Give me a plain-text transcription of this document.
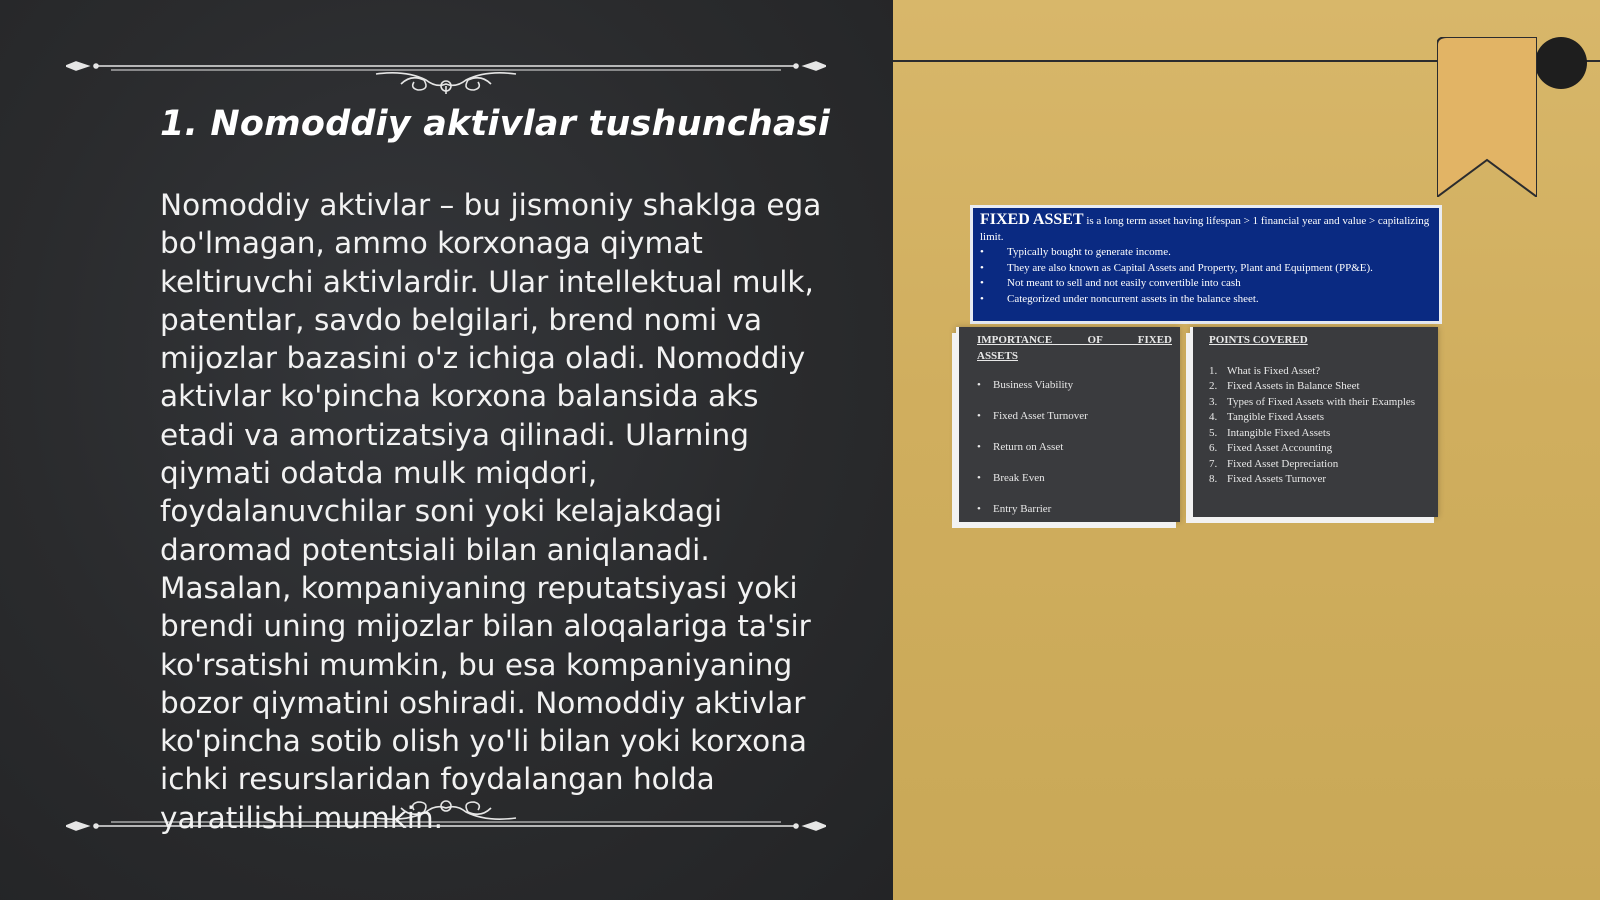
1. Nomoddiy aktivlar tushunchasi
Nomoddiy aktivlar – bu jismoniy shaklga ega bo'lmagan, ammo korxonaga qiymat keltiruvchi aktivlardir. Ular intellektual mulk, patentlar, savdo belgilari, brend nomi va mijozlar bazasini o'z ichiga oladi. Nomoddiy aktivlar ko'pincha korxona balansida aks etadi va amortizatsiya qilinadi. Ularning qiymati odatda mulk miqdori, foydalanuvchilar soni yoki kelajakdagi daromad potentsiali bilan aniqlanadi. Masalan, kompaniyaning reputatsiyasi yoki brendi uning mijozlar bilan aloqalariga ta'sir ko'rsatishi mumkin, bu esa kompaniyaning bozor qiymatini oshiradi. Nomoddiy aktivlar ko'pincha sotib olish yo'li bilan yoki korxona ichki resurslaridan foydalangan holda yaratilishi mumkin.
FIXED ASSET is a long term asset having lifespan > 1 financial year and value > capitalizing limit.
• Typically bought to generate income.
• They are also known as Capital Assets and Property, Plant and Equipment (PP&E).
• Not meant to sell and not easily convertible into cash
• Categorized under noncurrent assets in the balance sheet.
IMPORTANCE OF FIXED
ASSETS
• Business Viability
• Fixed Asset Turnover
• Return on Asset
• Break Even
• Entry Barrier
POINTS COVERED
1. What is Fixed Asset?
2. Fixed Assets in Balance Sheet
3. Types of Fixed Assets with their Examples
4. Tangible Fixed Assets
5. Intangible Fixed Assets
6. Fixed Asset Accounting
7. Fixed Asset Depreciation
8. Fixed Assets Turnover
